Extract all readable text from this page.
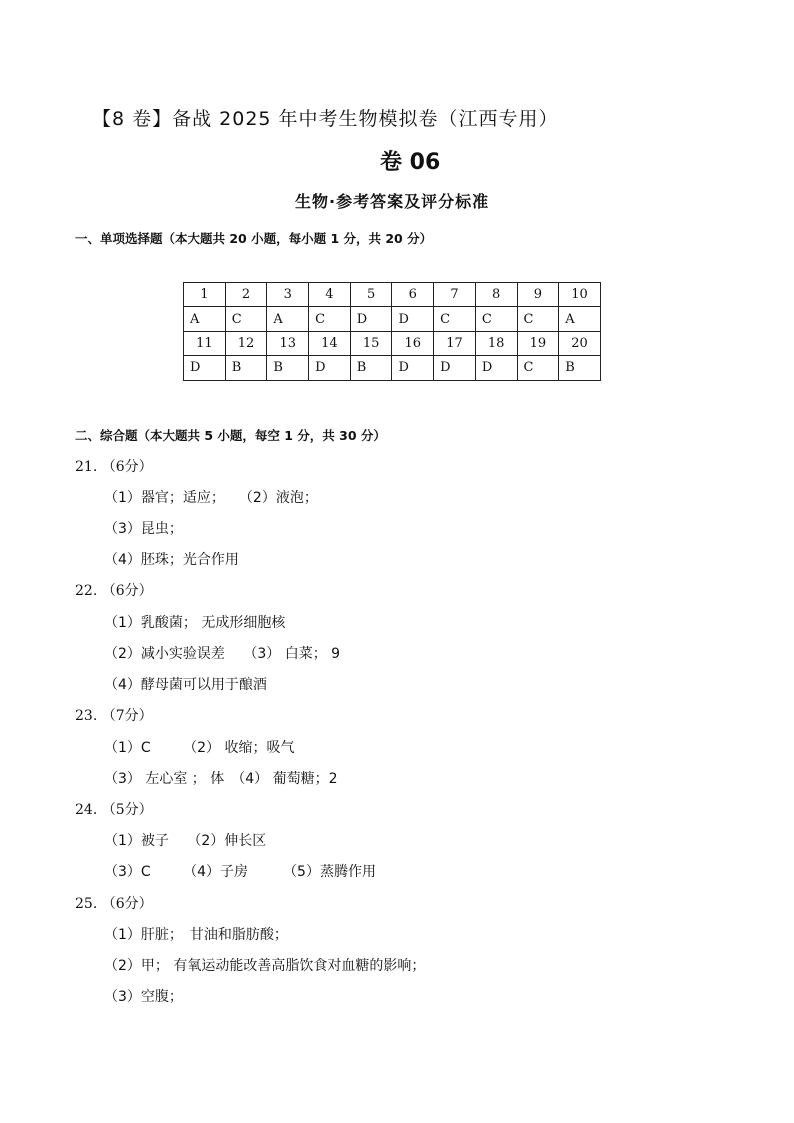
【8 卷】备战 2025 年中考生物模拟卷（江西专用）
卷 06
生物·参考答案及评分标准
一、单项选择题（本大题共 20 小题，每小题 1 分，共 20 分）
1	2	3	4	5	6	7	8	9	10
A	C	A	C	D	D	C	C	C	A
11	12	13	14	15	16	17	18	19	20
D	B	B	D	B	D	D	D	C	B
二、综合题（本大题共 5 小题，每空 1 分，共 30 分）
21. （6分）
（1）器官；适应；　　（2）液泡；
（3）昆虫；
（4）胚珠；光合作用
22. （6分）
（1）乳酸菌； 无成形细胞核
（2）减小实验误差　 （3） 白菜； 9
（4）酵母菌可以用于酿酒
23. （7分）
（1）C　　 （2） 收缩；吸气
（3） 左心室 ； 体　（4） 葡萄糖；2
24. （5分）
（1）被子　 （2）伸长区
（3）C　　 （4）子房　　　（5）蒸腾作用
25. （6分）
（1）肝脏；　甘油和脂肪酸；
（2）甲； 有氧运动能改善高脂饮食对血糖的影响；
（3）空腹；
